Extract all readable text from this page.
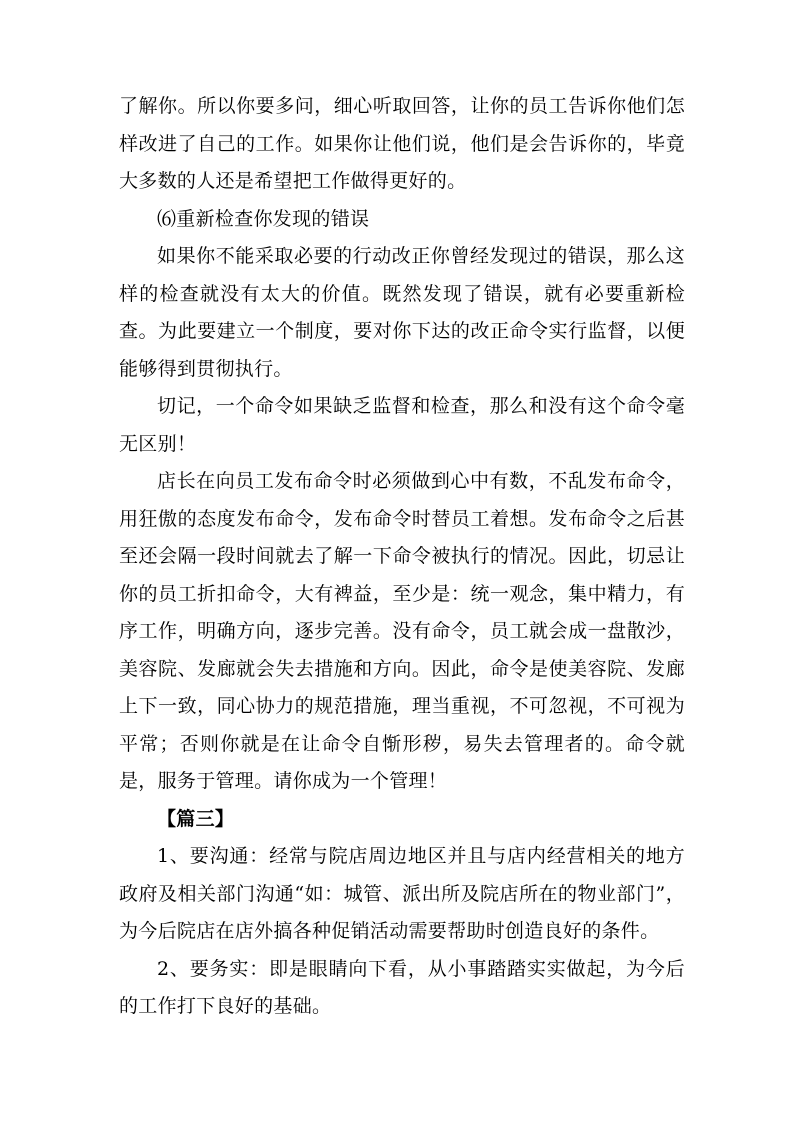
了解你。所以你要多问，细心听取回答，让你的员工告诉你他们怎样改进了自己的工作。如果你让他们说，他们是会告诉你的，毕竟大多数的人还是希望把工作做得更好的。

⑹重新检查你发现的错误

如果你不能采取必要的行动改正你曾经发现过的错误，那么这样的检查就没有太大的价值。既然发现了错误，就有必要重新检查。为此要建立一个制度，要对你下达的改正命令实行监督，以便能够得到贯彻执行。

切记，一个命令如果缺乏监督和检查，那么和没有这个命令毫无区别！

店长在向员工发布命令时必须做到心中有数，不乱发布命令，用狂傲的态度发布命令，发布命令时替员工着想。发布命令之后甚至还会隔一段时间就去了解一下命令被执行的情况。因此，切忌让你的员工折扣命令，大有裨益，至少是：统一观念，集中精力，有序工作，明确方向，逐步完善。没有命令，员工就会成一盘散沙，美容院、发廊就会失去措施和方向。因此，命令是使美容院、发廊上下一致，同心协力的规范措施，理当重视，不可忽视，不可视为平常；否则你就是在让命令自惭形秽，易失去管理者的。命令就是，服务于管理。请你成为一个管理！

【篇三】

1、要沟通：经常与院店周边地区并且与店内经营相关的地方政府及相关部门沟通“如：城管、派出所及院店所在的物业部门”，为今后院店在店外搞各种促销活动需要帮助时创造良好的条件。

2、要务实：即是眼睛向下看，从小事踏踏实实做起，为今后的工作打下良好的基础。
